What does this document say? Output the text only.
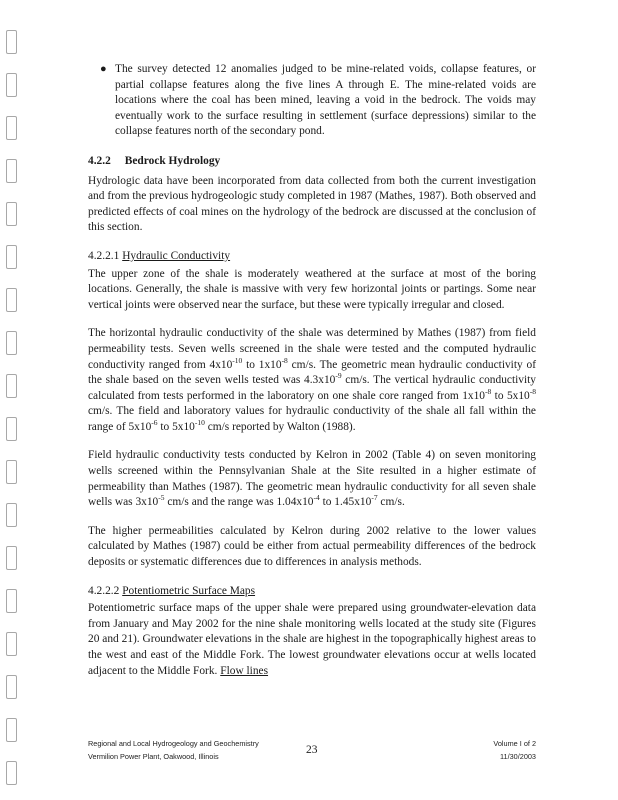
● The survey detected 12 anomalies judged to be mine-related voids, collapse features, or partial collapse features along the five lines A through E. The mine-related voids are locations where the coal has been mined, leaving a void in the bedrock. The voids may eventually work to the surface resulting in settlement (surface depressions) similar to the collapse features north of the secondary pond.

4.2.2 Bedrock Hydrology

Hydrologic data have been incorporated from data collected from both the current investigation and from the previous hydrogeologic study completed in 1987 (Mathes, 1987). Both observed and predicted effects of coal mines on the hydrology of the bedrock are discussed at the conclusion of this section.

4.2.2.1 Hydraulic Conductivity

The upper zone of the shale is moderately weathered at the surface at most of the boring locations. Generally, the shale is massive with very few horizontal joints or partings. Some near vertical joints were observed near the surface, but these were typically irregular and closed.

The horizontal hydraulic conductivity of the shale was determined by Mathes (1987) from field permeability tests. Seven wells screened in the shale were tested and the computed hydraulic conductivity ranged from $4x10^{-10}$ to $1x10^{-8}$ cm/s. The geometric mean hydraulic conductivity of the shale based on the seven wells tested was $4.3x10^{-9}$ cm/s. The vertical hydraulic conductivity calculated from tests performed in the laboratory on one shale core ranged from $1x10^{-8}$ to $5x10^{-8}$ cm/s. The field and laboratory values for hydraulic conductivity of the shale all fall within the range of $5x10^{-6}$ to $5x10^{-10}$ cm/s reported by Walton (1988).

Field hydraulic conductivity tests conducted by Kelron in 2002 (Table 4) on seven monitoring wells screened within the Pennsylvanian Shale at the Site resulted in a higher estimate of permeability than Mathes (1987). The geometric mean hydraulic conductivity for all seven shale wells was $3x10^{-5}$ cm/s and the range was $1.04x10^{-4}$ to $1.45x10^{-7}$ cm/s.

The higher permeabilities calculated by Kelron during 2002 relative to the lower values calculated by Mathes (1987) could be either from actual permeability differences of the bedrock deposits or systematic differences due to differences in analysis methods.

4.2.2.2 Potentiometric Surface Maps

Potentiometric surface maps of the upper shale were prepared using groundwater-elevation data from January and May 2002 for the nine shale monitoring wells located at the study site (Figures 20 and 21). Groundwater elevations in the shale are highest in the topographically highest areas to the west and east of the Middle Fork. The lowest groundwater elevations occur at wells located adjacent to the Middle Fork. Flow lines

Regional and Local Hydrogeology and Geochemistry
Vermilion Power Plant, Oakwood, Illinois
23
Volume I of 2
11/30/2003
